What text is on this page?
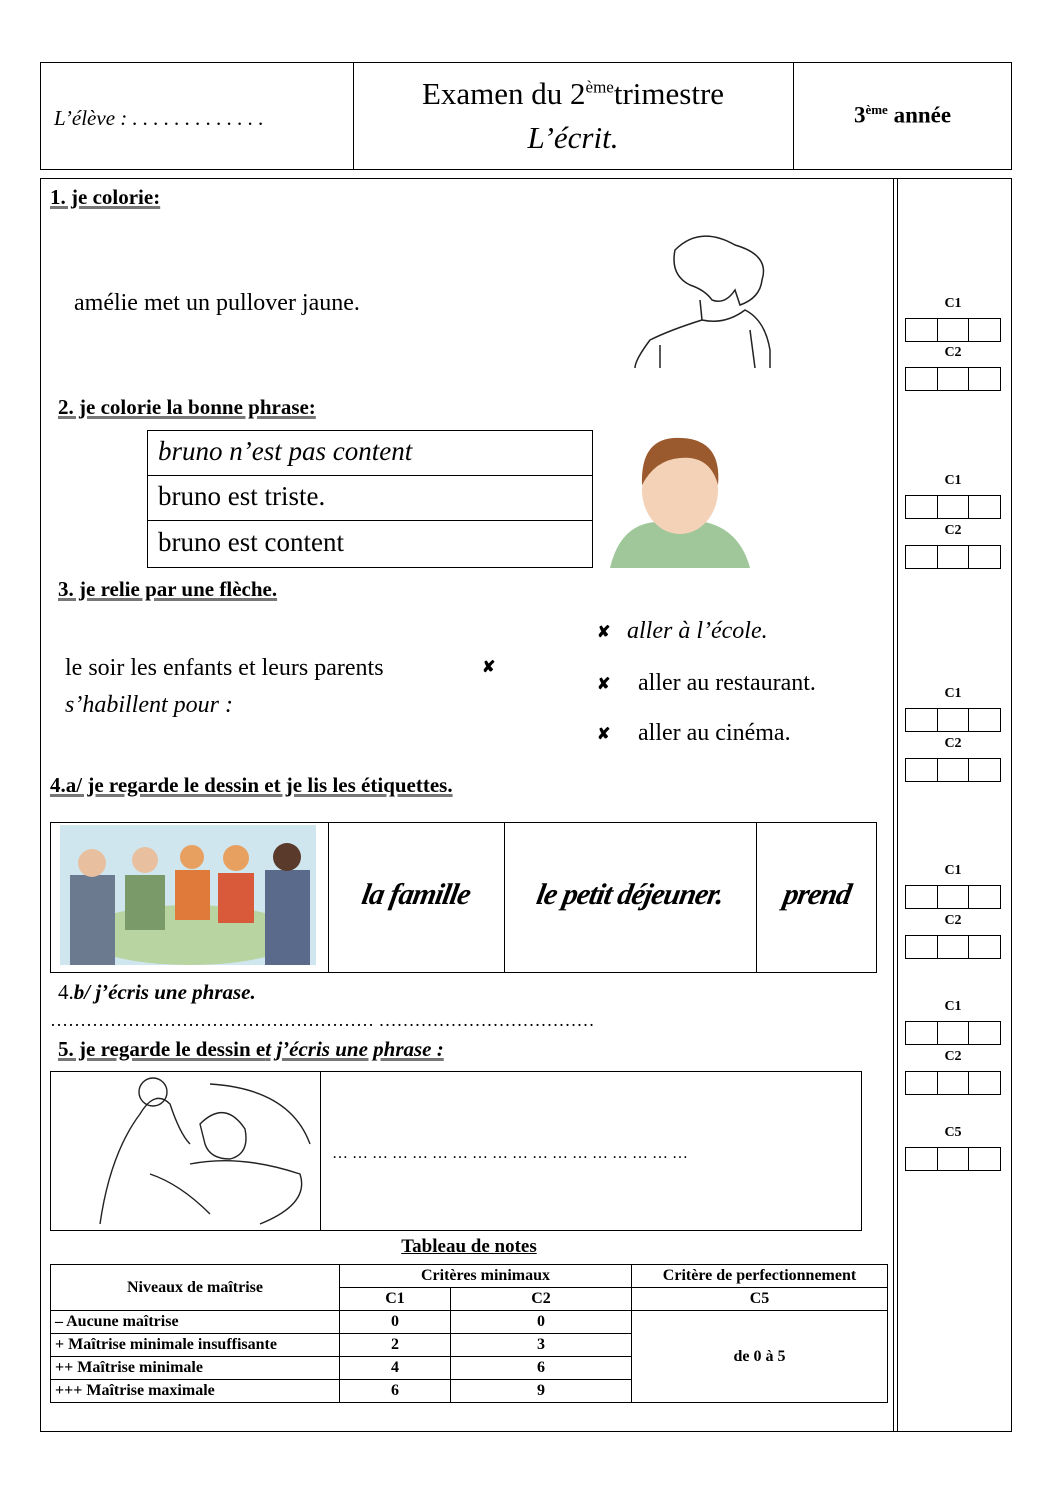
L’élève : . . . . . . . . . . . . .
Examen du 2èmetrimestre
L’écrit.
3ème année
C1
C2
C1
C2
C1
C2
C1
C2
C1
C2
C5
1. je colorie:
amélie met un pullover jaune.
2. je colorie la bonne phrase:
bruno n’est pas content
bruno est triste.
bruno est content
3. je relie par une flèche.
le soir les enfants et leurs parents
s’habillent pour :
✘
✘ aller à l’école.
✘ aller au restaurant.
✘ aller au cinéma.
4.a/ je regarde le dessin et je lis les étiquettes.
la famille	le petit déjeuner.	prend
4.b/ j’écris une phrase.
……………………………………………… ………………………………
5. je regarde le dessin et j’écris une phrase :
… … … … … … … … … … … … … … … … … …
Tableau de notes
Niveaux de maîtrise	Critères minimaux		Critère de perfectionnement
	C1	C2	C5
– Aucune maîtrise	0	0	de 0 à 5
+ Maîtrise minimale insuffisante	2	3	
++ Maîtrise minimale	4	6	
+++ Maîtrise maximale	6	9	
